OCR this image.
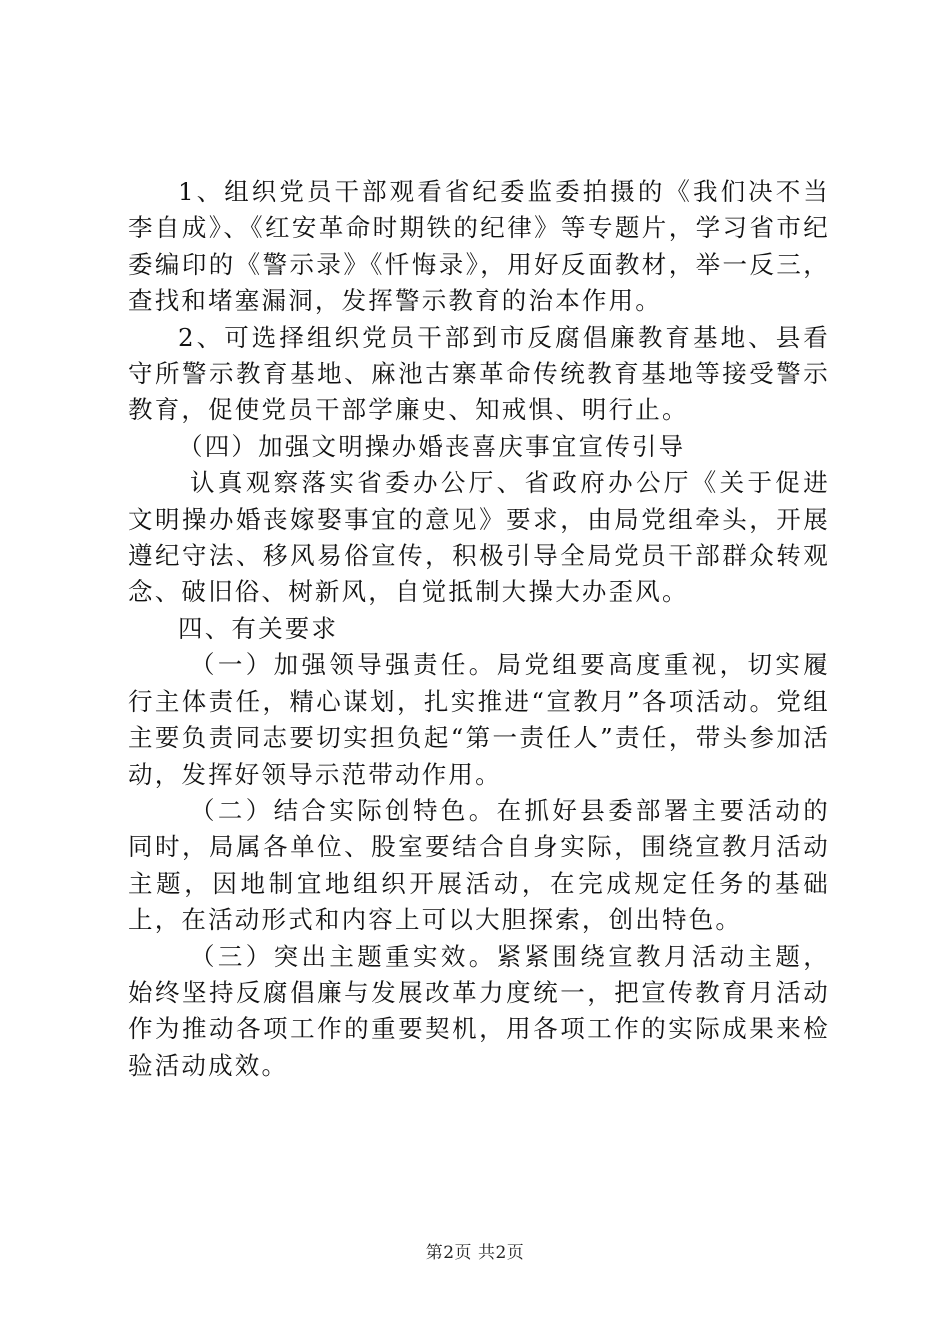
1、组织党员干部观看省纪委监委拍摄的《我们决不当李自成》、《红安革命时期铁的纪律》等专题片，学习省市纪委编印的《警示录》《忏悔录》，用好反面教材，举一反三，查找和堵塞漏洞，发挥警示教育的治本作用。

2、可选择组织党员干部到市反腐倡廉教育基地、县看守所警示教育基地、麻池古寨革命传统教育基地等接受警示教育，促使党员干部学廉史、知戒惧、明行止。

（四）加强文明操办婚丧喜庆事宜宣传引导

认真观察落实省委办公厅、省政府办公厅《关于促进文明操办婚丧嫁娶事宜的意见》要求，由局党组牵头，开展遵纪守法、移风易俗宣传，积极引导全局党员干部群众转观念、破旧俗、树新风，自觉抵制大操大办歪风。

四、有关要求

（一）加强领导强责任。局党组要高度重视，切实履行主体责任，精心谋划，扎实推进“宣教月”各项活动。党组主要负责同志要切实担负起“第一责任人”责任，带头参加活动，发挥好领导示范带动作用。

（二）结合实际创特色。在抓好县委部署主要活动的同时，局属各单位、股室要结合自身实际，围绕宣教月活动主题，因地制宜地组织开展活动，在完成规定任务的基础上，在活动形式和内容上可以大胆探索，创出特色。

（三）突出主题重实效。紧紧围绕宣教月活动主题，始终坚持反腐倡廉与发展改革力度统一，把宣传教育月活动作为推动各项工作的重要契机，用各项工作的实际成果来检验活动成效。

第2页 共2页
